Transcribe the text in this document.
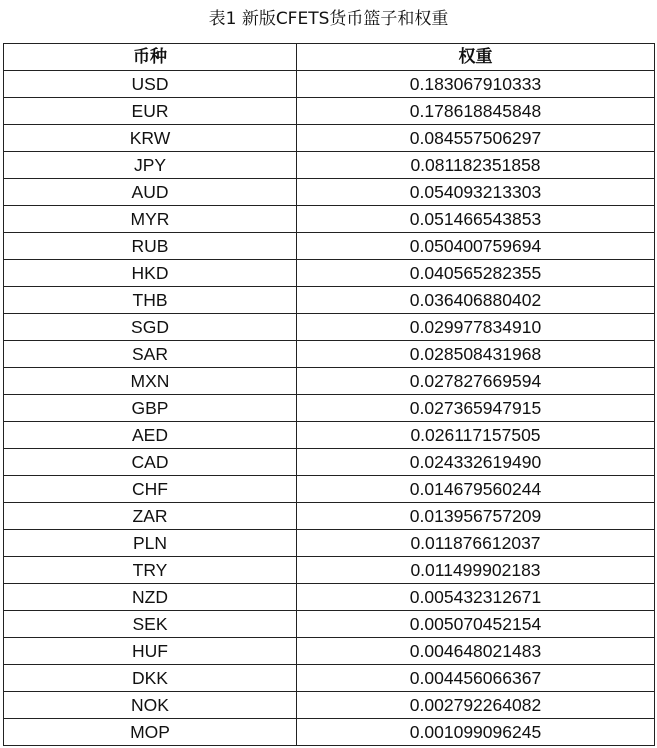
表1 新版CFETS货币篮子和权重
币种	权重
USD	0.183067910333
EUR	0.178618845848
KRW	0.084557506297
JPY	0.081182351858
AUD	0.054093213303
MYR	0.051466543853
RUB	0.050400759694
HKD	0.040565282355
THB	0.036406880402
SGD	0.029977834910
SAR	0.028508431968
MXN	0.027827669594
GBP	0.027365947915
AED	0.026117157505
CAD	0.024332619490
CHF	0.014679560244
ZAR	0.013956757209
PLN	0.011876612037
TRY	0.011499902183
NZD	0.005432312671
SEK	0.005070452154
HUF	0.004648021483
DKK	0.004456066367
NOK	0.002792264082
MOP	0.001099096245
